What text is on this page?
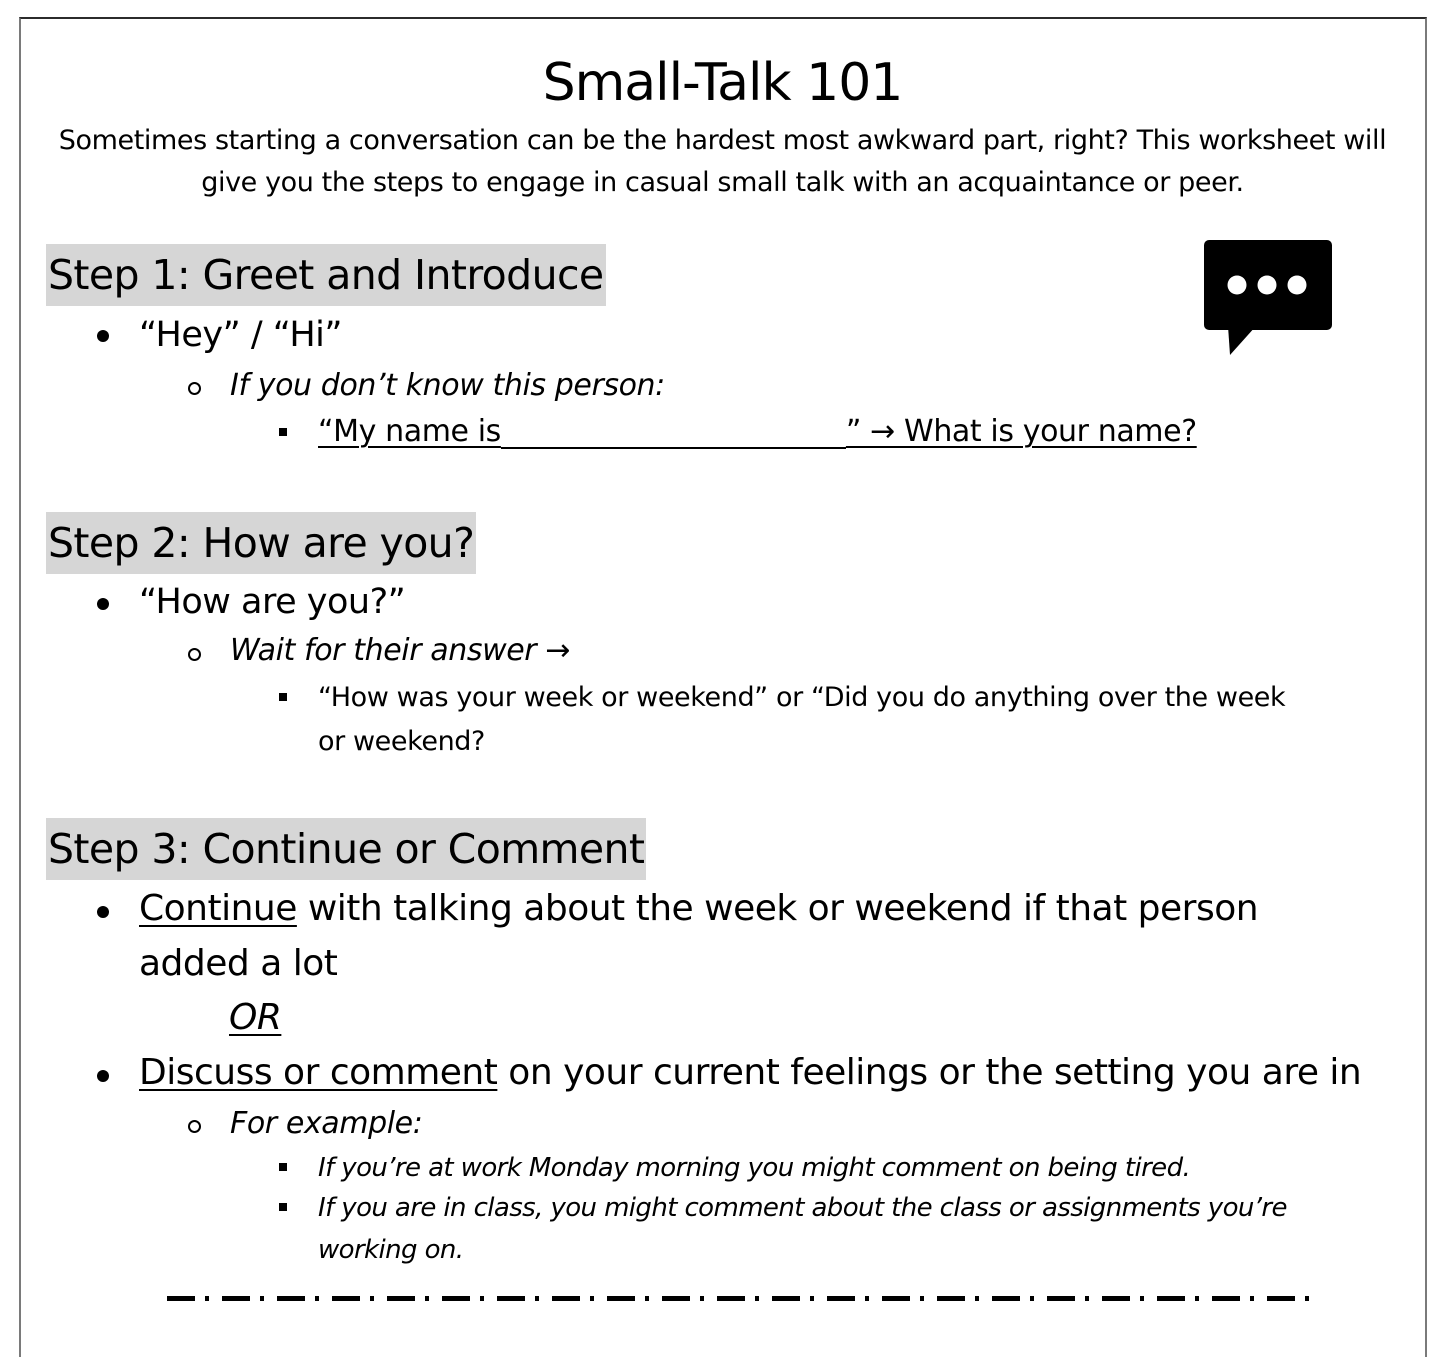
Small-Talk 101
Sometimes starting a conversation can be the hardest most awkward part, right? This worksheet will give you the steps to engage in casual small talk with an acquaintance or peer.
Step 1: Greet and Introduce
“Hey” / “Hi”
If you don’t know this person:
“My name is	” → What is your name?
Step 2: How are you?
“How are you?”
Wait for their answer →
“How was your week or weekend” or “Did you do anything over the week
or weekend?
Step 3: Continue or Comment
Continue with talking about the week or weekend if that person
added a lot
OR
Discuss or comment on your current feelings or the setting you are in
For example:
If you’re at work Monday morning you might comment on being tired.
If you are in class, you might comment about the class or assignments you’re
working on.
